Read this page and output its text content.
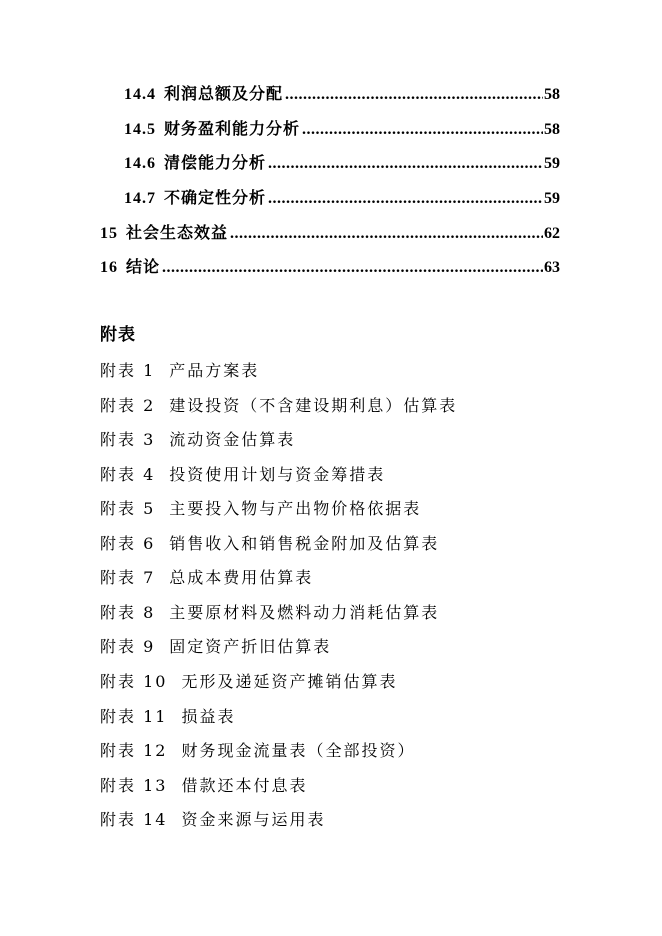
14.4 利润总额及分配 .....	58
14.5 财务盈利能力分析 .....	58
14.6 清偿能力分析 .....	59
14.7 不确定性分析 .....	59
15 社会生态效益 .....	62
16 结论 .....	63
附表
附表 1 产品方案表
附表 2 建设投资（不含建设期利息）估算表
附表 3 流动资金估算表
附表 4 投资使用计划与资金筹措表
附表 5 主要投入物与产出物价格依据表
附表 6 销售收入和销售税金附加及估算表
附表 7 总成本费用估算表
附表 8 主要原材料及燃料动力消耗估算表
附表 9 固定资产折旧估算表
附表 10 无形及递延资产摊销估算表
附表 11 损益表
附表 12 财务现金流量表（全部投资）
附表 13 借款还本付息表
附表 14 资金来源与运用表
